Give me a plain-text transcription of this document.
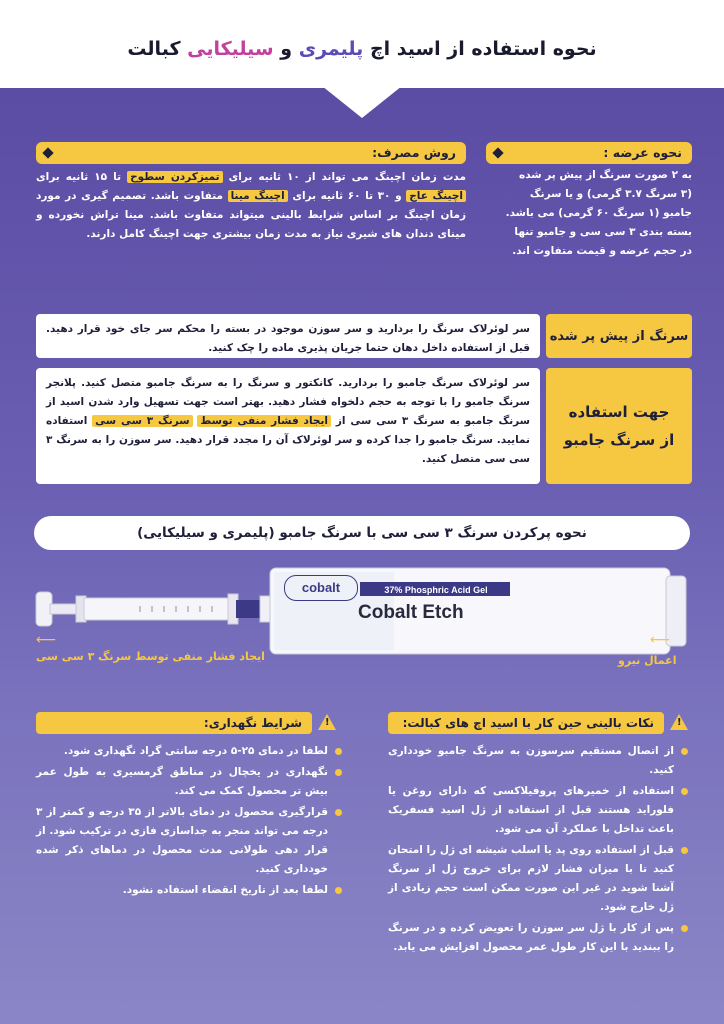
نحوه استفاده از اسید اچ پلیمری و سیلیکایی کبالت
نحوه عرضه :
به ۲ صورت سرنگ از پیش پر شده
(۳ سرنگ ۳.۷ گرمی) و یا سرنگ
جامبو (۱ سرنگ ۶۰ گرمی) می باشد.
بسته بندی ۳ سی سی و جامبو تنها
در حجم عرضه و قیمت متفاوت اند.
روش مصرف:
مدت زمان اچینگ می تواند از ۱۰ ثانیه برای تمیزکردن سطوح تا ۱۵ ثانیه برای اچینگ عاج و ۳۰ تا ۶۰ ثانیه برای اچینگ مینا متفاوت باشد. تصمیم گیری در مورد زمان اچینگ بر اساس شرایط بالینی میتواند متفاوت باشد. مینا تراش نخورده و مینای دندان های شیری نیاز به مدت زمان بیشتری جهت اچینگ کامل دارند.
سر لوئرلاک سرنگ را بردارید و سر سوزن موجود در بسته را محکم سر جای خود قرار دهید. قبل از استفاده داخل دهان حتما جریان پذیری ماده را چک کنید.
سرنگ از پیش پر شده
سر لوئرلاک سرنگ جامبو را بردارید. کانکتور و سرنگ را به سرنگ جامبو متصل کنید. پلانجر سرنگ جامبو را با توجه به حجم دلخواه فشار دهید. بهتر است جهت تسهیل وارد شدن اسید از سرنگ جامبو به سرنگ ۳ سی سی از ایجاد فشار منفی توسط سرنگ ۳ سی سی استفاده نمایید. سرنگ جامبو را جدا کرده و سر لوئرلاک آن را مجدد قرار دهید. سر سوزن را به سرنگ ۳ سی سی متصل کنید.
جهت استفاده از سرنگ جامبو
نحوه پرکردن سرنگ ۳ سی سی با سرنگ جامبو (پلیمری و سیلیکایی)
cobalt	37% Phosphric Acid Gel
Cobalt Etch
⟵
ایجاد فشار منفی توسط سرنگ ۳ سی سی
⟵
اعمال نیرو
نکات بالینی حین کار با اسید اچ های کبالت:	!
از اتصال مستقیم سرسوزن به سرنگ جامبو خودداری کنید.
استفاده از خمیرهای پروفیلاکسی که دارای روغن یا فلوراید هستند قبل از استفاده از ژل اسید فسفریک باعث تداخل با عملکرد آن می شود.
قبل از استفاده روی پد یا اسلب شیشه ای ژل را امتحان کنید تا با میزان فشار لازم برای خروج ژل از سرنگ آشنا شوید در غیر این صورت ممکن است حجم زیادی از ژل خارج شود.
پس از کار با ژل سر سوزن را تعویض کرده و در سرنگ را ببندید با این کار طول عمر محصول افزایش می یابد.
شرایط نگهداری:	!
لطفا در دمای ۲۵-۵ درجه سانتی گراد نگهداری شود.
نگهداری در یخچال در مناطق گرمسیری به طول عمر بیش تر محصول کمک می کند.
قرارگیری محصول در دمای بالاتر از ۳۵ درجه و کمتر از ۳ درجه می تواند منجر به جداسازی فازی در ترکیب شود. از قرار دهی طولانی مدت محصول در دماهای ذکر شده خودداری کنید.
لطفا بعد از تاریخ انقضاء استفاده نشود.
